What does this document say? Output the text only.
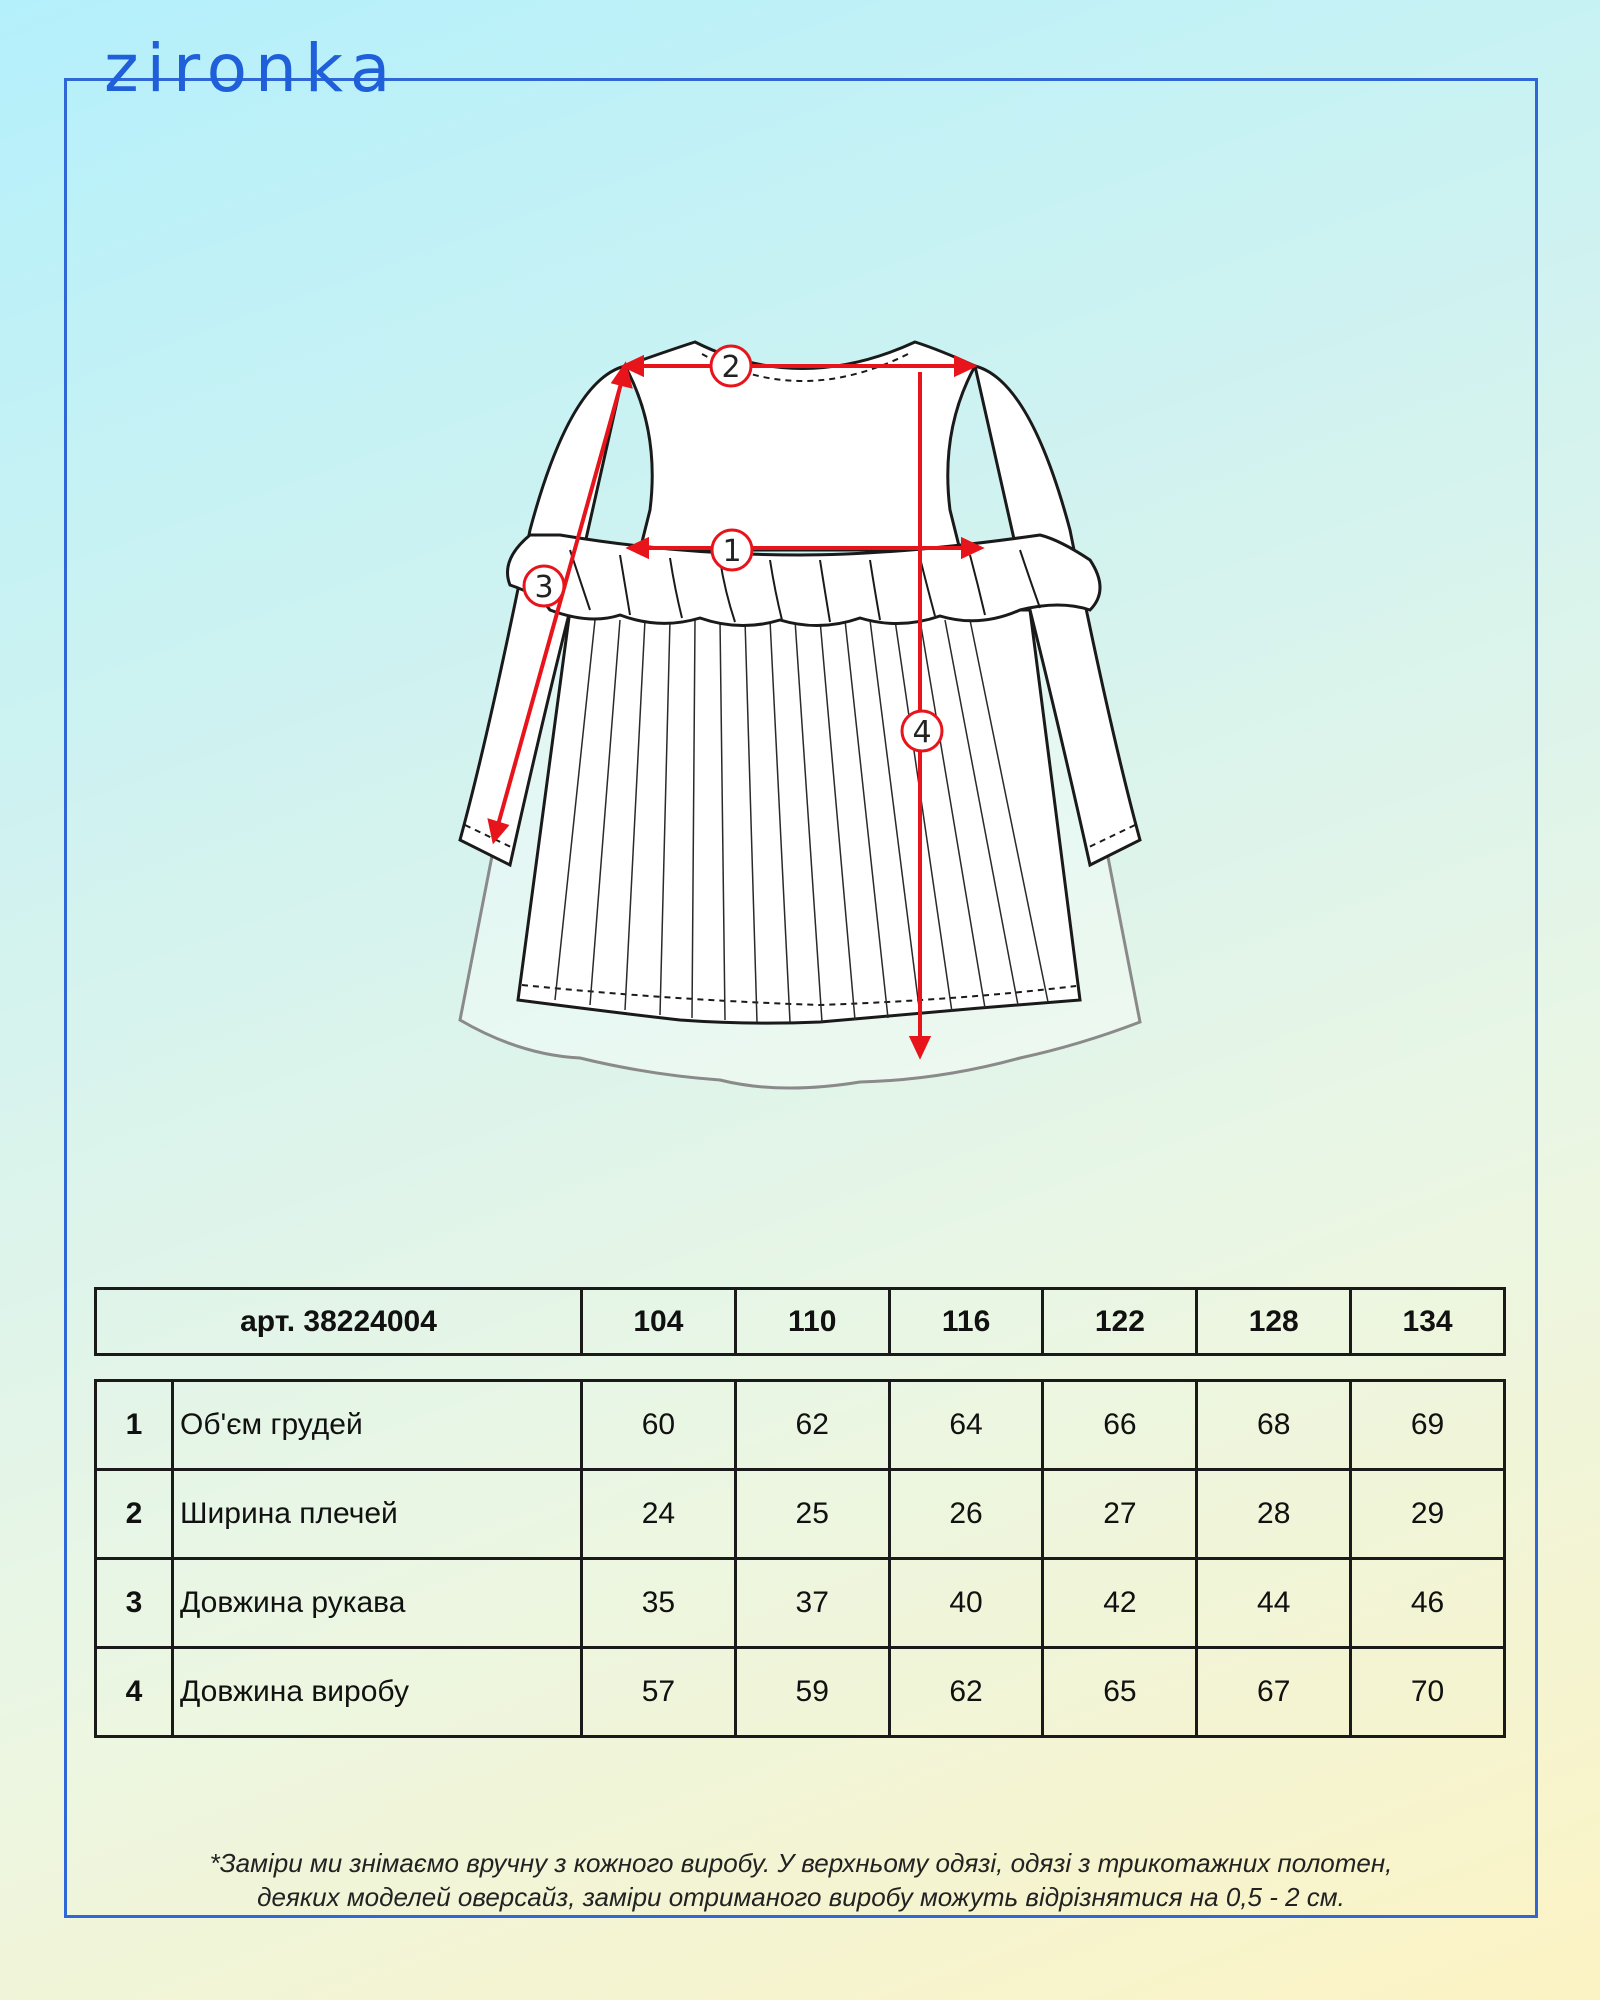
zironka
1
2
3
4
арт. 38224004	104	110	116	122	128	134
1	Об'єм грудей	60	62	64	66	68	69
2	Ширина плечей	24	25	26	27	28	29
3	Довжина рукава	35	37	40	42	44	46
4	Довжина виробу	57	59	62	65	67	70
*Заміри ми знімаємо вручну з кожного виробу. У верхньому одязі, одязі з трикотажних полотен,
деяких моделей оверсайз, заміри отриманого виробу можуть відрізнятися на 0,5 - 2 см.
